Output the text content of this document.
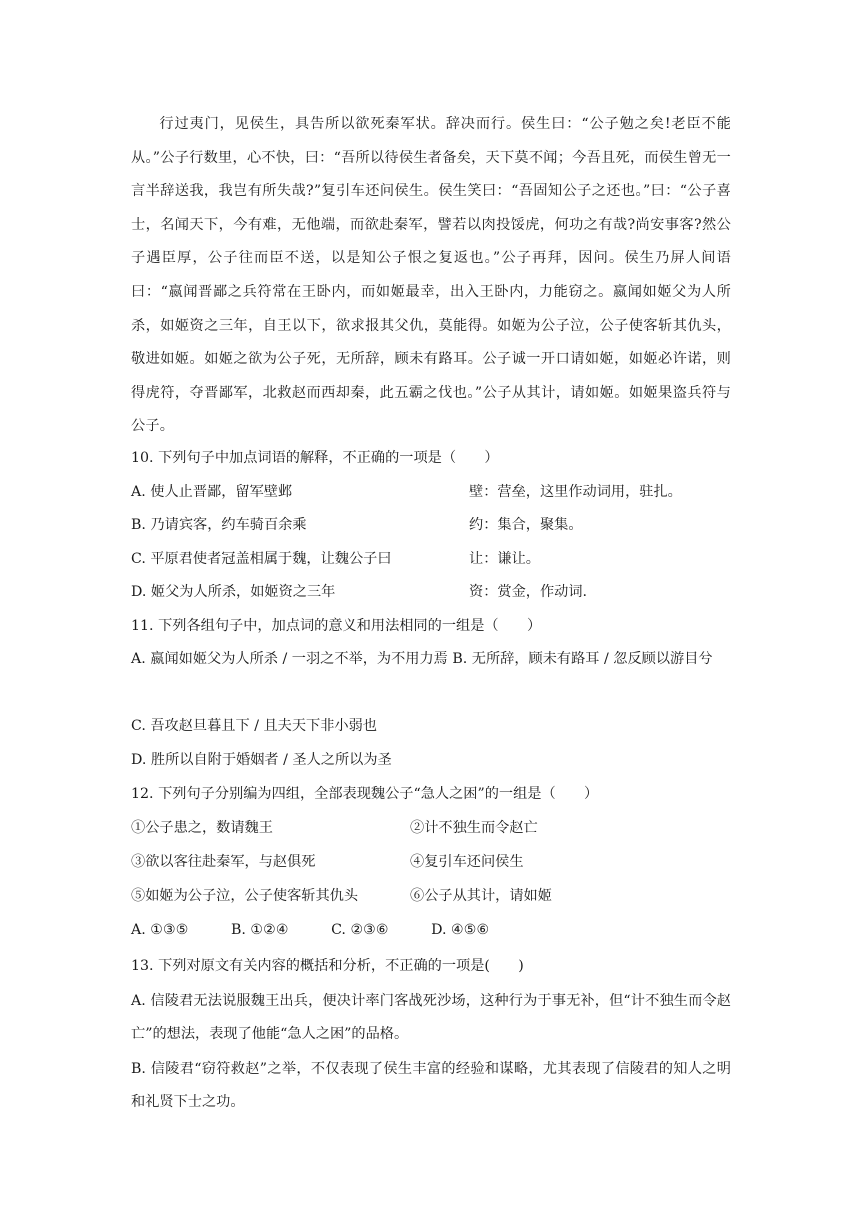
行过夷门，见侯生，具告所以欲死秦军状。辞决而行。侯生曰：“公子勉之矣!老臣不能从。”公子行数里，心不快，曰：“吾所以待侯生者备矣，天下莫不闻；今吾且死，而侯生曾无一言半辞送我，我岂有所失哉?”复引车还问侯生。侯生笑曰：“吾固知公子之还也。”曰：“公子喜士，名闻天下，今有难，无他端，而欲赴秦军，譬若以肉投馁虎，何功之有哉?尚安事客?然公子遇臣厚，公子往而臣不送，以是知公子恨之复返也。”公子再拜，因问。侯生乃屏人间语曰：“嬴闻晋鄙之兵符常在王卧内，而如姬最幸，出入王卧内，力能窃之。嬴闻如姬父为人所杀，如姬资之三年，自王以下，欲求报其父仇，莫能得。如姬为公子泣，公子使客斩其仇头，敬进如姬。如姬之欲为公子死，无所辞，顾未有路耳。公子诚一开口请如姬，如姬必许诺，则得虎符，夺晋鄙军，北救赵而西却秦，此五霸之伐也。”公子从其计，请如姬。如姬果盗兵符与公子。

10. 下列句子中加点词语的解释，不正确的一项是（　　）
A. 使人止晋鄙，留军壁邺	壁：营垒，这里作动词用，驻扎。
B. 乃请宾客，约车骑百余乘	约：集合，聚集。
C. 平原君使者冠盖相属于魏，让魏公子曰	让：谦让。
D. 姬父为人所杀，如姬资之三年	资：赏金，作动词.
11. 下列各组句子中，加点词的意义和用法相同的一组是（　　）
A. 嬴闻如姬父为人所杀 / 一羽之不举，为不用力焉 B. 无所辞，顾未有路耳 / 忽反顾以游目兮
C. 吾攻赵旦暮且下 / 且夫天下非小弱也
D. 胜所以自附于婚姻者 / 圣人之所以为圣
12. 下列句子分别编为四组，全部表现魏公子“急人之困”的一组是（　　）
①公子患之，数请魏王	②计不独生而令赵亡
③欲以客往赴秦军，与赵俱死	④复引车还问侯生
⑤如姬为公子泣，公子使客斩其仇头	⑥公子从其计，请如姬
A. ①③⑤	B. ①②④	C. ②③⑥	D. ④⑤⑥
13. 下列对原文有关内容的概括和分析，不正确的一项是(　　)
A. 信陵君无法说服魏王出兵，便决计率门客战死沙场，这种行为于事无补，但“计不独生而令赵亡”的想法，表现了他能“急人之困”的品格。
B. 信陵君“窃符救赵”之举，不仅表现了侯生丰富的经验和谋略，尤其表现了信陵君的知人之明和礼贤下士之功。
